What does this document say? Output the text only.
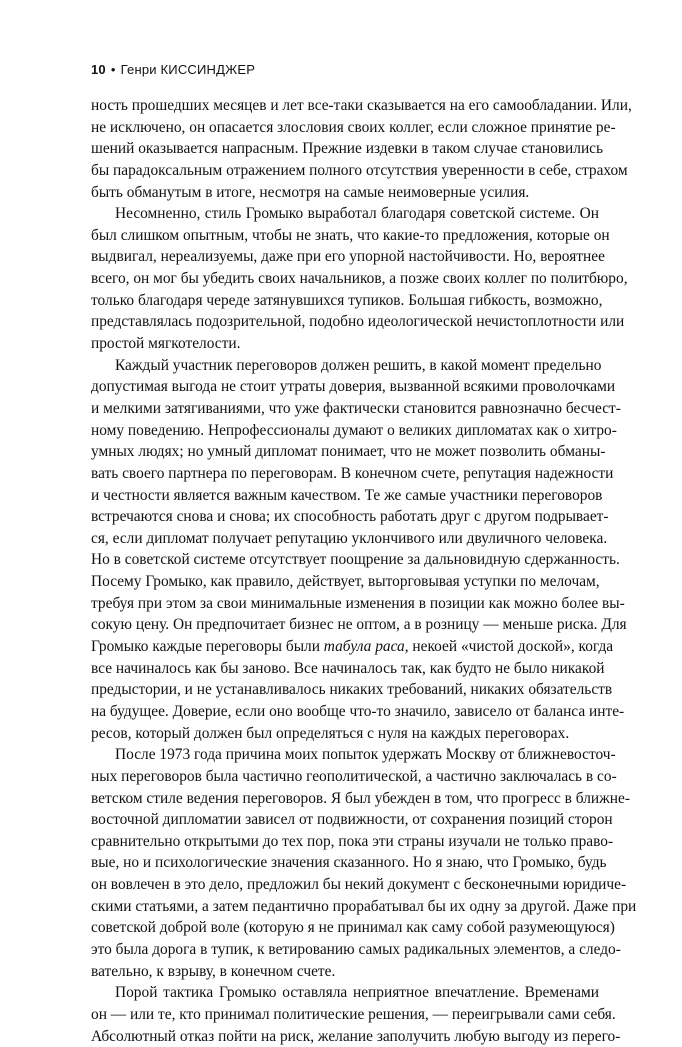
10 • Генри КИССИНДЖЕР
ность прошедших месяцев и лет все-таки сказывается на его самообладании. Или,
не исключено, он опасается злословия своих коллег, если сложное принятие ре-
шений оказывается напрасным. Прежние издевки в таком случае становились
бы парадоксальным отражением полного отсутствия уверенности в себе, страхом
быть обманутым в итоге, несмотря на самые неимоверные усилия.
Несомненно, стиль Громыко выработал благодаря советской системе. Он
был слишком опытным, чтобы не знать, что какие-то предложения, которые он
выдвигал, нереализуемы, даже при его упорной настойчивости. Но, вероятнее
всего, он мог бы убедить своих начальников, а позже своих коллег по политбюро,
только благодаря череде затянувшихся тупиков. Большая гибкость, возможно,
представлялась подозрительной, подобно идеологической нечистоплотности или
простой мягкотелости.
Каждый участник переговоров должен решить, в какой момент предельно
допустимая выгода не стоит утраты доверия, вызванной всякими проволочками
и мелкими затягиваниями, что уже фактически становится равнозначно бесчест-
ному поведению. Непрофессионалы думают о великих дипломатах как о хитро-
умных людях; но умный дипломат понимает, что не может позволить обманы-
вать своего партнера по переговорам. В конечном счете, репутация надежности
и честности является важным качеством. Те же самые участники переговоров
встречаются снова и снова; их способность работать друг с другом подрывает-
ся, если дипломат получает репутацию уклончивого или двуличного человека.
Но в советской системе отсутствует поощрение за дальновидную сдержанность.
Посему Громыко, как правило, действует, выторговывая уступки по мелочам,
требуя при этом за свои минимальные изменения в позиции как можно более вы-
сокую цену. Он предпочитает бизнес не оптом, а в розницу — меньше риска. Для
Громыко каждые переговоры были табула раса, некоей «чистой доской», когда
все начиналось как бы заново. Все начиналось так, как будто не было никакой
предыстории, и не устанавливалось никаких требований, никаких обязательств
на будущее. Доверие, если оно вообще что-то значило, зависело от баланса инте-
ресов, который должен был определяться с нуля на каждых переговорах.
После 1973 года причина моих попыток удержать Москву от ближневосточ-
ных переговоров была частично геополитической, а частично заключалась в со-
ветском стиле ведения переговоров. Я был убежден в том, что прогресс в ближне-
восточной дипломатии зависел от подвижности, от сохранения позиций сторон
сравнительно открытыми до тех пор, пока эти страны изучали не только право-
вые, но и психологические значения сказанного. Но я знаю, что Громыко, будь
он вовлечен в это дело, предложил бы некий документ с бесконечными юридиче-
скими статьями, а затем педантично прорабатывал бы их одну за другой. Даже при
советской доброй воле (которую я не принимал как саму собой разумеющуюся)
это была дорога в тупик, к ветированию самых радикальных элементов, а следо-
вательно, к взрыву, в конечном счете.
Порой тактика Громыко оставляла неприятное впечатление. Временами
он — или те, кто принимал политические решения, — переигрывали сами себя.
Абсолютный отказ пойти на риск, желание заполучить любую выгоду из перего-
